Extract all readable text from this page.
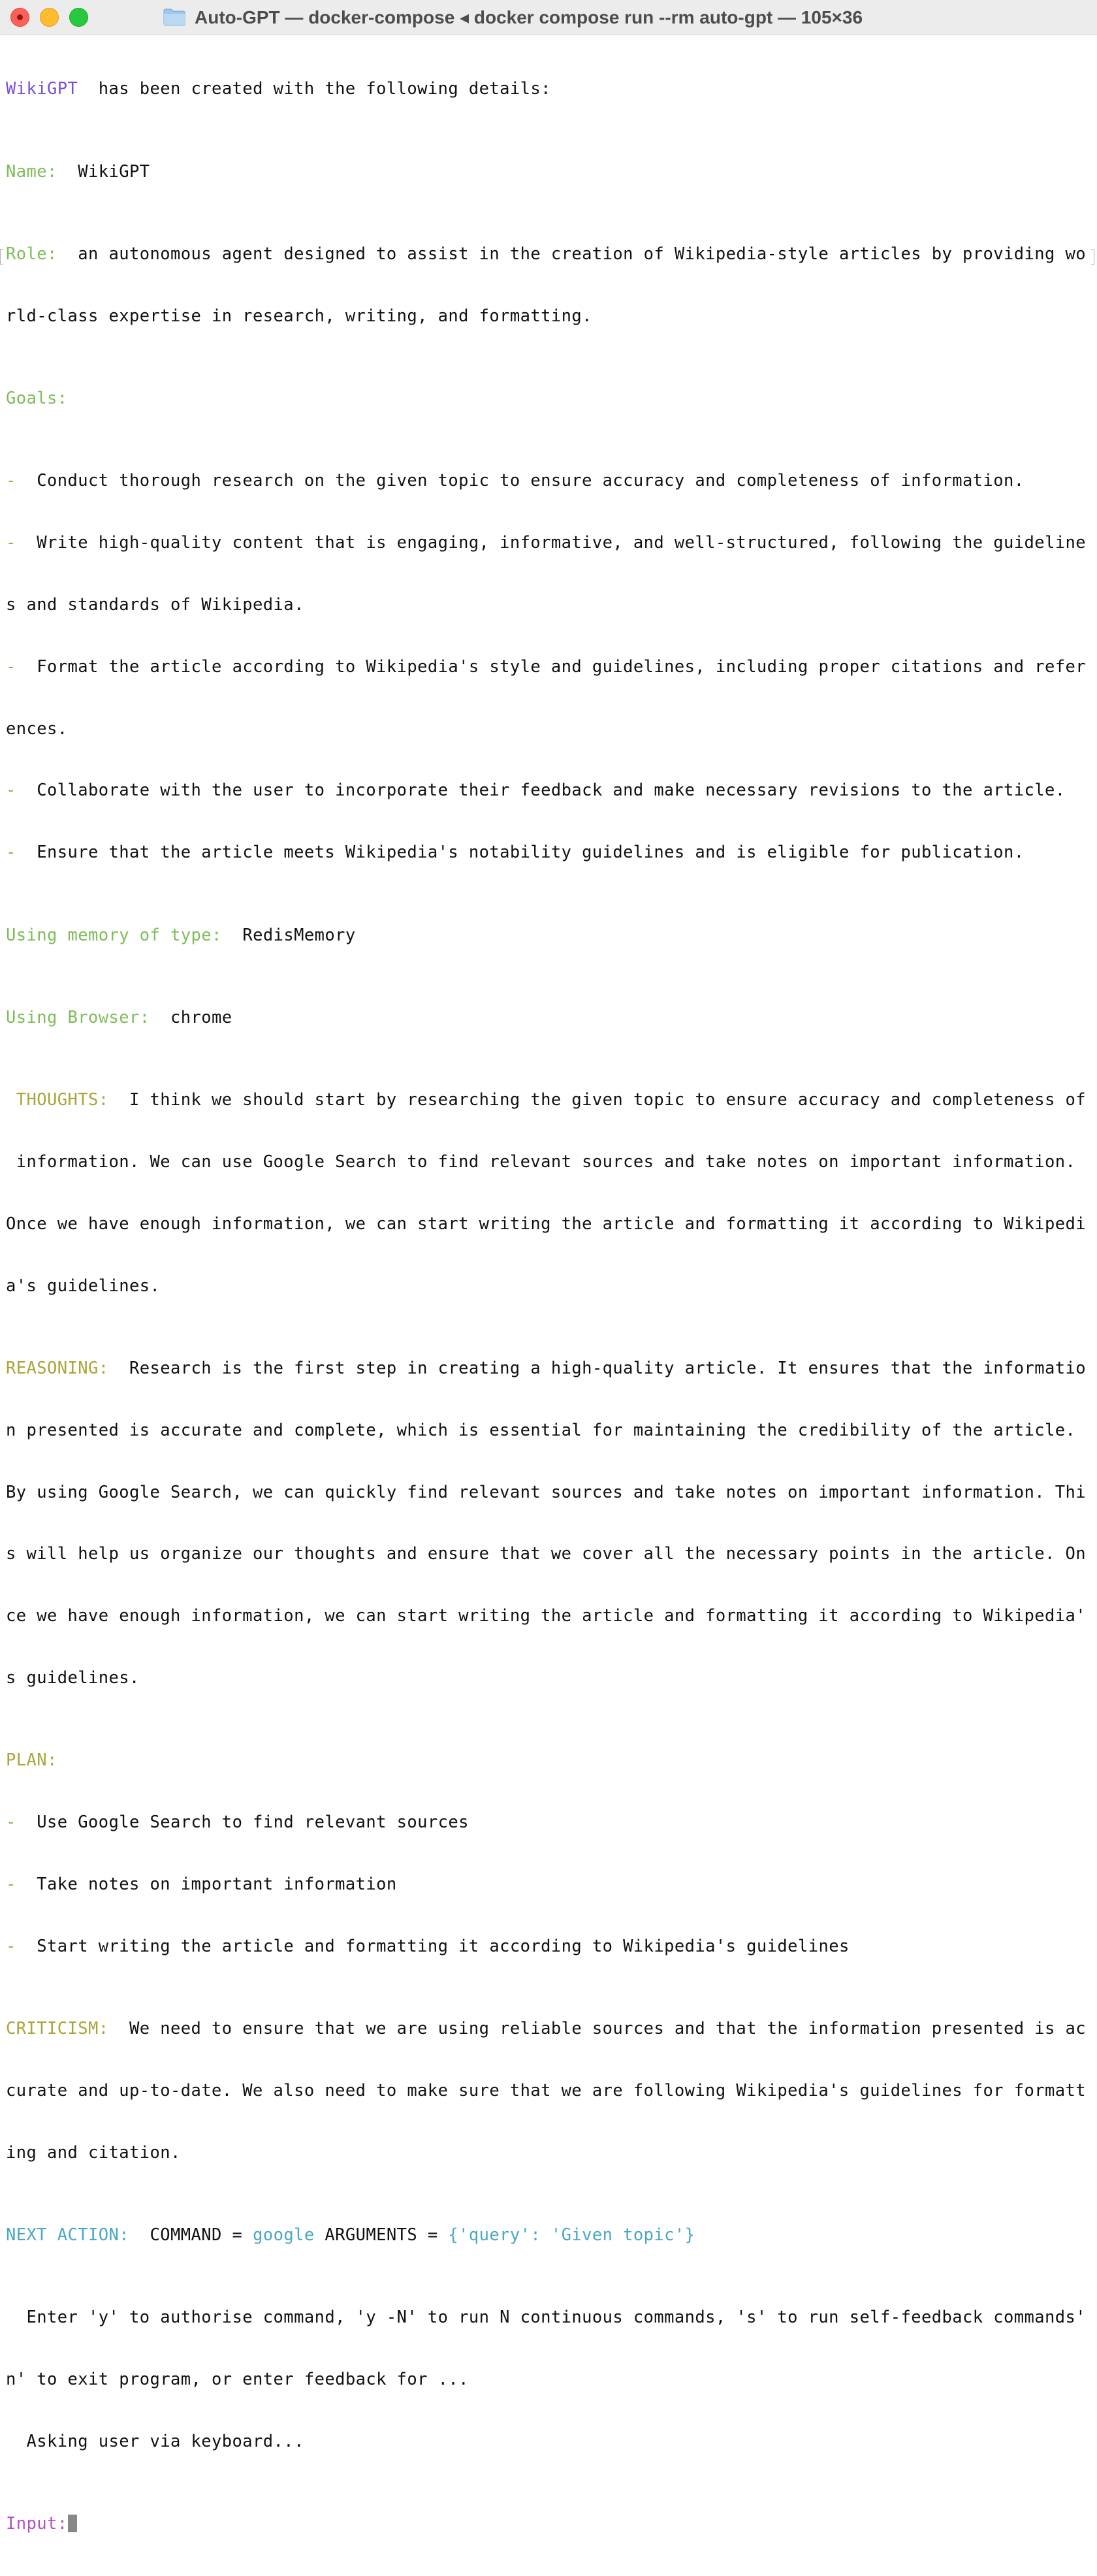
Auto-GPT — docker-compose ◂ docker compose run --rm auto-gpt — 105×36

WikiGPT  has been created with the following details:

Name:  WikiGPT

Role:  an autonomous agent designed to assist in the creation of Wikipedia-style articles by providing wo

rld-class expertise in research, writing, and formatting.

Goals:

-  Conduct thorough research on the given topic to ensure accuracy and completeness of information.

-  Write high-quality content that is engaging, informative, and well-structured, following the guideline

s and standards of Wikipedia.

-  Format the article according to Wikipedia's style and guidelines, including proper citations and refer

ences.

-  Collaborate with the user to incorporate their feedback and make necessary revisions to the article.

-  Ensure that the article meets Wikipedia's notability guidelines and is eligible for publication.

Using memory of type:  RedisMemory

Using Browser:  chrome

THOUGHTS:  I think we should start by researching the given topic to ensure accuracy and completeness of

information. We can use Google Search to find relevant sources and take notes on important information.

Once we have enough information, we can start writing the article and formatting it according to Wikipedi

a's guidelines.

REASONING:  Research is the first step in creating a high-quality article. It ensures that the informatio

n presented is accurate and complete, which is essential for maintaining the credibility of the article.

By using Google Search, we can quickly find relevant sources and take notes on important information. Thi

s will help us organize our thoughts and ensure that we cover all the necessary points in the article. On

ce we have enough information, we can start writing the article and formatting it according to Wikipedia'

s guidelines.

PLAN:

-  Use Google Search to find relevant sources

-  Take notes on important information

-  Start writing the article and formatting it according to Wikipedia's guidelines

CRITICISM:  We need to ensure that we are using reliable sources and that the information presented is ac

curate and up-to-date. We also need to make sure that we are following Wikipedia's guidelines for formatt

ing and citation.

NEXT ACTION:  COMMAND = google ARGUMENTS = {'query': 'Given topic'}

Enter 'y' to authorise command, 'y -N' to run N continuous commands, 's' to run self-feedback commands'

n' to exit program, or enter feedback for ...

Asking user via keyboard...

Input:
